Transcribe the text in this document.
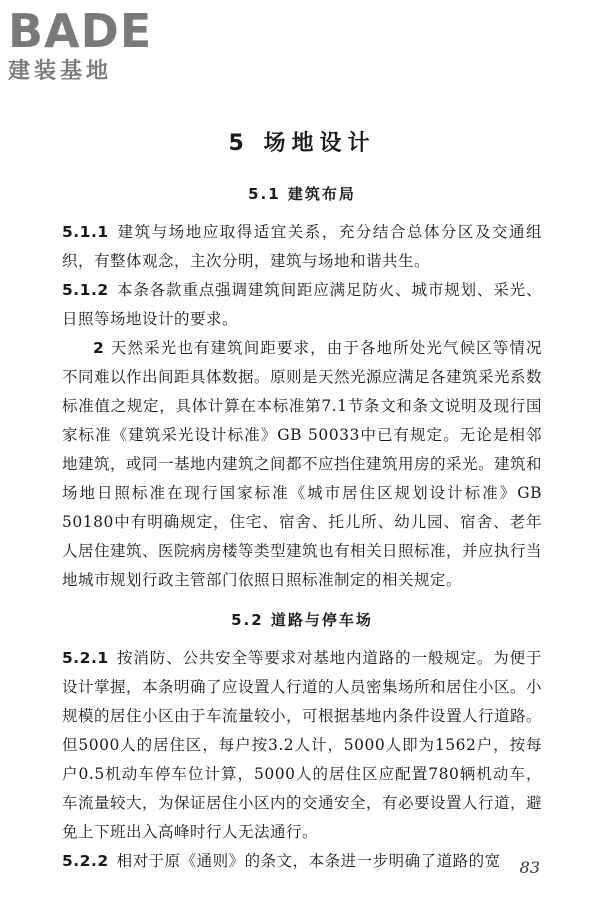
BADE
建装基地
5 场地设计
5.1 建筑布局

5.1.1 建筑与场地应取得适宜关系，充分结合总体分区及交通组织，有整体观念，主次分明，建筑与场地和谐共生。

5.1.2 本条各款重点强调建筑间距应满足防火、城市规划、采光、日照等场地设计的要求。

2 天然采光也有建筑间距要求，由于各地所处光气候区等情况不同难以作出间距具体数据。原则是天然光源应满足各建筑采光系数标准值之规定，具体计算在本标准第7.1节条文和条文说明及现行国家标准《建筑采光设计标准》GB 50033中已有规定。无论是相邻地建筑，或同一基地内建筑之间都不应挡住建筑用房的采光。建筑和场地日照标准在现行国家标准《城市居住区规划设计标准》GB 50180中有明确规定，住宅、宿舍、托儿所、幼儿园、宿舍、老年人居住建筑、医院病房楼等类型建筑也有相关日照标准，并应执行当地城市规划行政主管部门依照日照标准制定的相关规定。

5.2 道路与停车场

5.2.1 按消防、公共安全等要求对基地内道路的一般规定。为便于设计掌握，本条明确了应设置人行道的人员密集场所和居住小区。小规模的居住小区由于车流量较小，可根据基地内条件设置人行道路。但5000人的居住区，每户按3.2人计，5000人即为1562户，按每户0.5机动车停车位计算，5000人的居住区应配置780辆机动车，车流量较大，为保证居住小区内的交通安全，有必要设置人行道，避免上下班出入高峰时行人无法通行。

5.2.2 相对于原《通则》的条文，本条进一步明确了道路的宽	83
